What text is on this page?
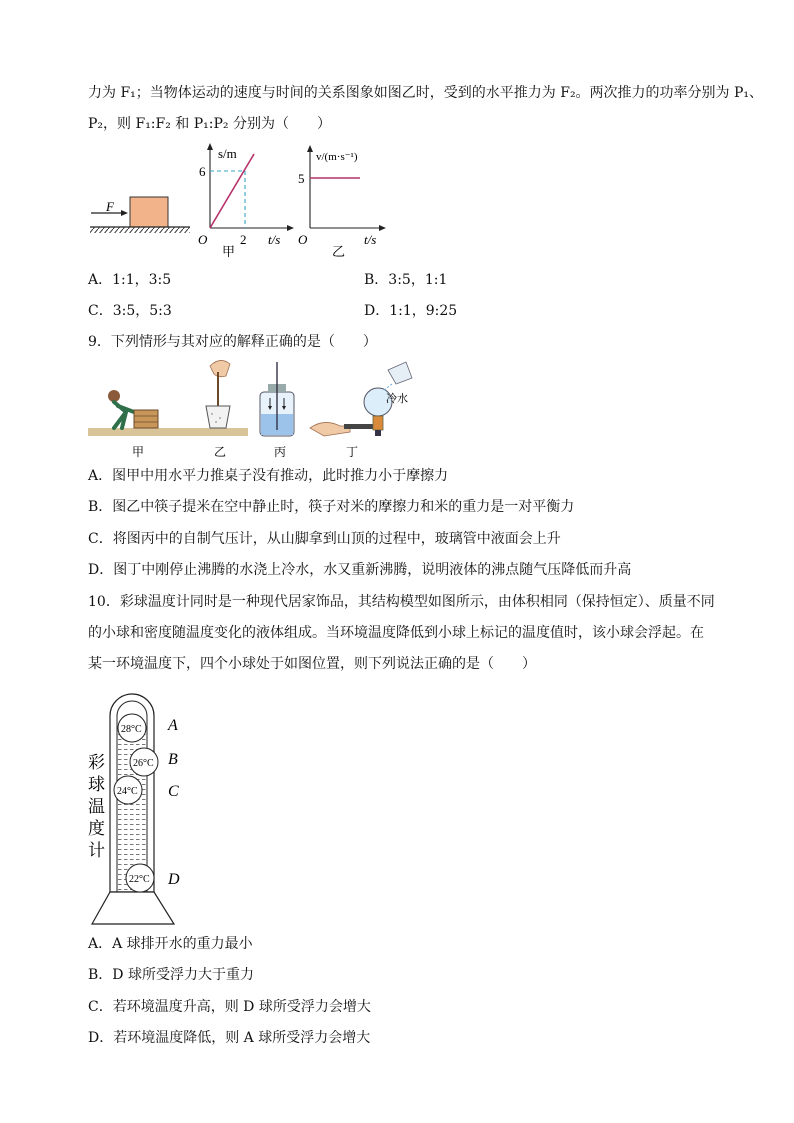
力为 F₁；当物体运动的速度与时间的关系图象如图乙时，受到的水平推力为 F₂。两次推力的功率分别为 P₁、
P₂，则 F₁:F₂ 和 P₁:P₂ 分别为（　　）
F
s/m
6
2
O	t/s
甲
v/(m·s⁻¹)
5
O	t/s
乙
A．1:1，3:5	B．3:5，1:1
C．3:5，5:3	D．1:1，9:25
9．下列情形与其对应的解释正确的是（　　）
冷水
甲	乙	丙	丁
A．图甲中用水平力推桌子没有推动，此时推力小于摩擦力
B．图乙中筷子提米在空中静止时，筷子对米的摩擦力和米的重力是一对平衡力
C．将图丙中的自制气压计，从山脚拿到山顶的过程中，玻璃管中液面会上升
D．图丁中刚停止沸腾的水浇上冷水，水又重新沸腾，说明液体的沸点随气压降低而升高
10．彩球温度计同时是一种现代居家饰品，其结构模型如图所示，由体积相同（保持恒定）、质量不同
的小球和密度随温度变化的液体组成。当环境温度降低到小球上标记的温度值时，该小球会浮起。在
某一环境温度下，四个小球处于如图位置，则下列说法正确的是（　　）
彩
球
温
度
计
28°C A
26°C B
24°C C
22°C D
A．A 球排开水的重力最小
B．D 球所受浮力大于重力
C．若环境温度升高，则 D 球所受浮力会增大
D．若环境温度降低，则 A 球所受浮力会增大
